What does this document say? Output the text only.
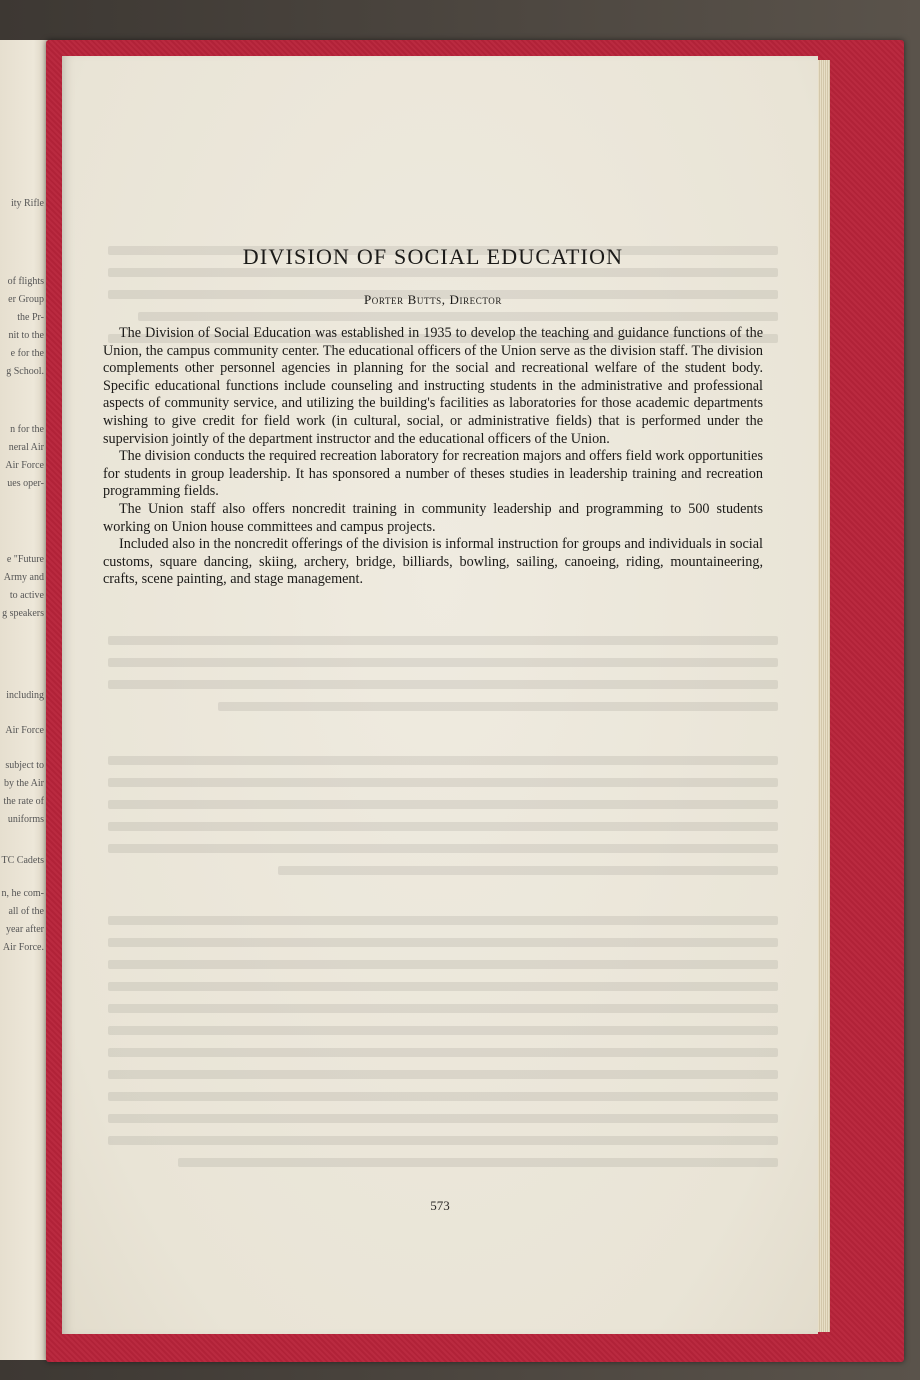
ity Rifle
of flights
er Group
the Pr-
nit to the
e for the
g School.
n for the
neral Air
Air Force
ues oper-
e "Future
Army and
to active
g speakers
including
Air Force
subject to
by the Air
the rate of
uniforms
TC Cadets
n, he com-
all of the
year after
Air Force.
DIVISION OF SOCIAL EDUCATION
Porter Butts, Director

The Division of Social Education was established in 1935 to develop the teaching and guidance functions of the Union, the campus community center. The educational officers of the Union serve as the division staff. The division complements other personnel agencies in planning for the social and recreational welfare of the student body. Specific educational functions include counseling and instructing students in the administrative and professional aspects of community service, and utilizing the building's facilities as laboratories for those academic departments wishing to give credit for field work (in cultural, social, or administrative fields) that is performed under the supervision jointly of the department instructor and the educational officers of the Union.

The division conducts the required recreation laboratory for recreation majors and offers field work opportunities for students in group leadership. It has sponsored a number of theses studies in leadership training and recreation programming fields.

The Union staff also offers noncredit training in community leadership and programming to 500 students working on Union house committees and campus projects.

Included also in the noncredit offerings of the division is informal instruction for groups and individuals in social customs, square dancing, skiing, archery, bridge, billiards, bowling, sailing, canoeing, riding, mountaineering, crafts, scene painting, and stage management.

573
